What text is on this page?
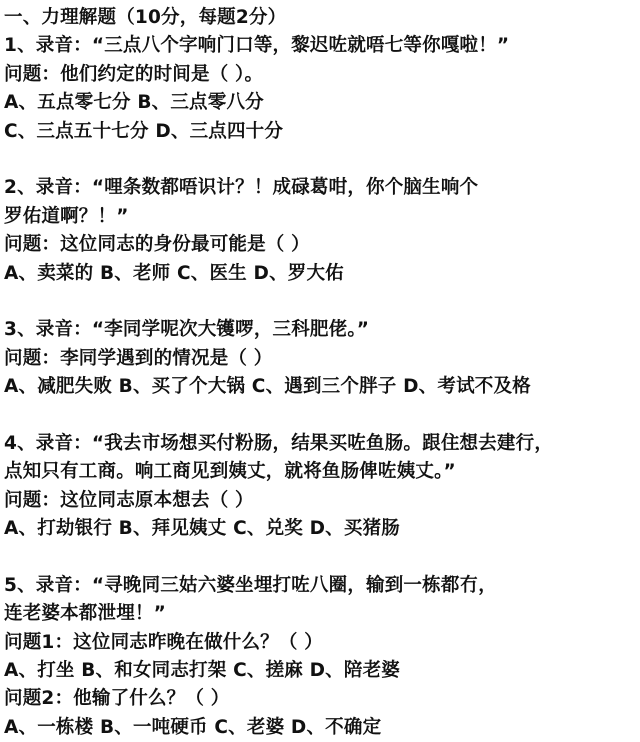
一、力理解题（10分，每题2分）
1、录音：“三点八个字响门口等，黎迟咗就唔七等你嘎啦！”
问题：他们约定的时间是（ ）。
A、五点零七分 B、三点零八分
C、三点五十七分 D、三点四十分
2、录音：“哩条数都唔识计？！成碌葛咁，你个脑生响个
罗佑道啊？！”
问题：这位同志的身份最可能是（ ）
A、卖菜的 B、老师 C、医生 D、罗大佑
3、录音：“李同学呢次大镬啰，三科肥佬。”
问题：李同学遇到的情况是（ ）
A、减肥失败 B、买了个大锅 C、遇到三个胖子 D、考试不及格
4、录音：“我去市场想买付粉肠，结果买咗鱼肠。跟住想去建行，
点知只有工商。响工商见到姨丈，就将鱼肠俾咗姨丈。”
问题：这位同志原本想去（ ）
A、打劫银行 B、拜见姨丈 C、兑奖 D、买猪肠
5、录音：“寻晚同三姑六婆坐埋打咗八圈，输到一栋都冇，
连老婆本都泄埋！”
问题1：这位同志昨晚在做什么？（ ）
A、打坐 B、和女同志打架 C、搓麻 D、陪老婆
问题2：他输了什么？（ ）
A、一栋楼 B、一吨硬币 C、老婆 D、不确定
